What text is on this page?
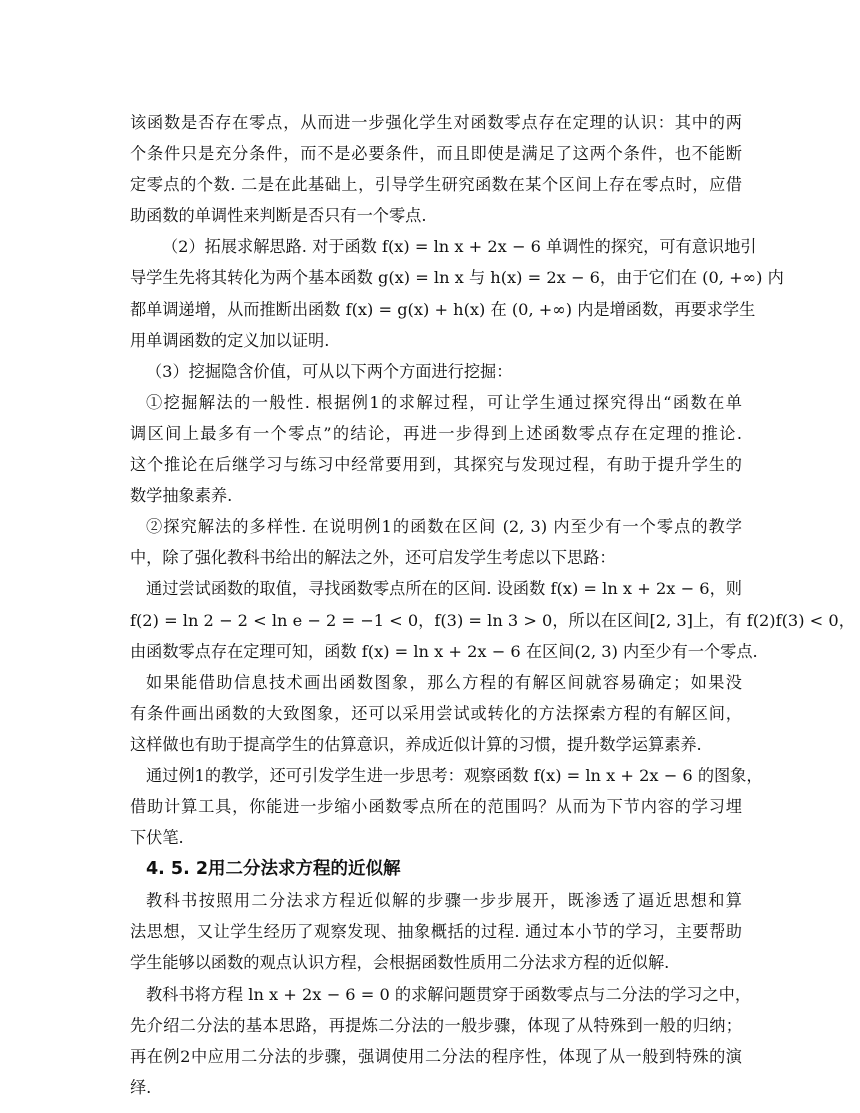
该函数是否存在零点，从而进一步强化学生对函数零点存在定理的认识：其中的两
个条件只是充分条件，而不是必要条件，而且即使是满足了这两个条件，也不能断
定零点的个数. 二是在此基础上，引导学生研究函数在某个区间上存在零点时，应借
助函数的单调性来判断是否只有一个零点.
（2）拓展求解思路. 对于函数 f(x) = ln x + 2x − 6 单调性的探究，可有意识地引
导学生先将其转化为两个基本函数 g(x) = ln x 与 h(x) = 2x − 6，由于它们在 (0, +∞) 内
都单调递增，从而推断出函数 f(x) = g(x) + h(x) 在 (0, +∞) 内是增函数，再要求学生
用单调函数的定义加以证明.
（3）挖掘隐含价值，可从以下两个方面进行挖掘：
①挖掘解法的一般性. 根据例1的求解过程，可让学生通过探究得出“函数在单
调区间上最多有一个零点”的结论，再进一步得到上述函数零点存在定理的推论.
这个推论在后继学习与练习中经常要用到，其探究与发现过程，有助于提升学生的
数学抽象素养.
②探究解法的多样性. 在说明例1的函数在区间 (2, 3) 内至少有一个零点的教学
中，除了强化教科书给出的解法之外，还可启发学生考虑以下思路：
通过尝试函数的取值，寻找函数零点所在的区间. 设函数 f(x) = ln x + 2x − 6，则
f(2) = ln 2 − 2 < ln e − 2 = −1 < 0，f(3) = ln 3 > 0，所以在区间[2, 3]上，有 f(2)f(3) < 0，
由函数零点存在定理可知，函数 f(x) = ln x + 2x − 6 在区间(2, 3) 内至少有一个零点.
如果能借助信息技术画出函数图象，那么方程的有解区间就容易确定；如果没
有条件画出函数的大致图象，还可以采用尝试或转化的方法探索方程的有解区间，
这样做也有助于提高学生的估算意识，养成近似计算的习惯，提升数学运算素养.
通过例1的教学，还可引发学生进一步思考：观察函数 f(x) = ln x + 2x − 6 的图象，
借助计算工具，你能进一步缩小函数零点所在的范围吗？从而为下节内容的学习埋
下伏笔.
4. 5. 2用二分法求方程的近似解
教科书按照用二分法求方程近似解的步骤一步步展开，既渗透了逼近思想和算
法思想，又让学生经历了观察发现、抽象概括的过程. 通过本小节的学习，主要帮助
学生能够以函数的观点认识方程，会根据函数性质用二分法求方程的近似解.
教科书将方程 ln x + 2x − 6 = 0 的求解问题贯穿于函数零点与二分法的学习之中，
先介绍二分法的基本思路，再提炼二分法的一般步骤，体现了从特殊到一般的归纳；
再在例2中应用二分法的步骤，强调使用二分法的程序性，体现了从一般到特殊的演
绎.
